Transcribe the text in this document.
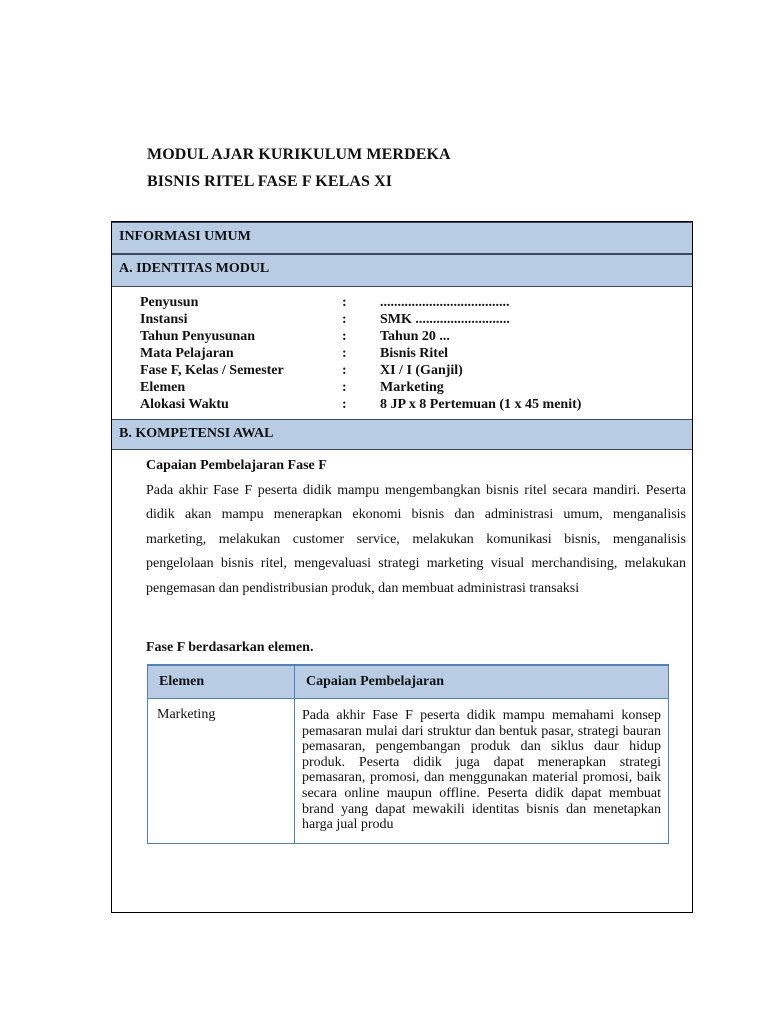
MODUL AJAR KURIKULUM MERDEKA
BISNIS RITEL FASE F KELAS XI
INFORMASI UMUM
A. IDENTITAS MODUL
Penyusun	: .....................................
Instansi	: SMK ...........................
Tahun Penyusunan	: Tahun 20 ...
Mata Pelajaran	: Bisnis Ritel
Fase F, Kelas / Semester	: XI / I (Ganjil)
Elemen	: Marketing
Alokasi Waktu	: 8 JP x 8 Pertemuan (1 x 45 menit)
B. KOMPETENSI AWAL
Capaian Pembelajaran Fase F
Pada akhir Fase F peserta didik mampu mengembangkan bisnis ritel secara mandiri. Peserta didik akan mampu menerapkan ekonomi bisnis dan administrasi umum, menganalisis marketing, melakukan customer service, melakukan komunikasi bisnis, menganalisis pengelolaan bisnis ritel, mengevaluasi strategi marketing visual merchandising, melakukan pengemasan dan pendistribusian produk, dan membuat administrasi transaksi
Fase F berdasarkan elemen.
Elemen	Capaian Pembelajaran
Marketing	Pada akhir Fase F peserta didik mampu memahami konsep pemasaran mulai dari struktur dan bentuk pasar, strategi bauran pemasaran, pengembangan produk dan siklus daur hidup produk. Peserta didik juga dapat menerapkan strategi pemasaran, promosi, dan menggunakan material promosi, baik secara online maupun offline. Peserta didik dapat membuat brand yang dapat mewakili identitas bisnis dan menetapkan harga jual produ
